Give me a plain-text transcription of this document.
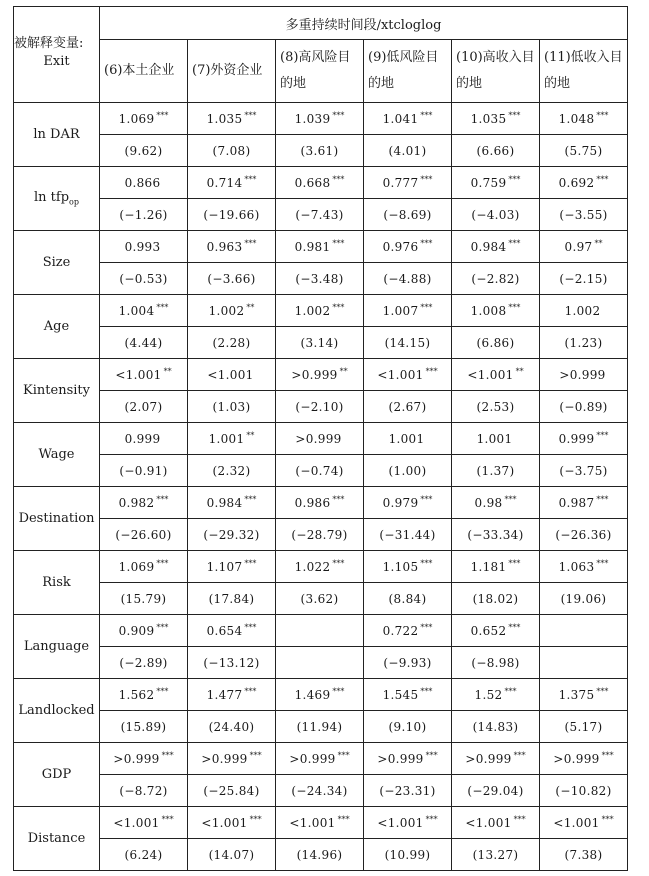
被解释变量:
Exit	多重持续时间段/xtcloglog					
	(6)本土企业	(7)外资企业	(8)高风险目的地	(9)低风险目的地	(10)高收入目的地	(11)低收入目的地
ln DAR	1.069 ***	1.035 ***	1.039 ***	1.041 ***	1.035 ***	1.048 ***
	(9.62)	(7.08)	(3.61)	(4.01)	(6.66)	(5.75)
ln tfp$_{op}$	0.866	0.714 ***	0.668 ***	0.777 ***	0.759 ***	0.692 ***
	(−1.26)	(−19.66)	(−7.43)	(−8.69)	(−4.03)	(−3.55)
Size	0.993	0.963 ***	0.981 ***	0.976 ***	0.984 ***	0.97 **
	(−0.53)	(−3.66)	(−3.48)	(−4.88)	(−2.82)	(−2.15)
Age	1.004 ***	1.002 **	1.002 ***	1.007 ***	1.008 ***	1.002
	(4.44)	(2.28)	(3.14)	(14.15)	(6.86)	(1.23)
Kintensity	<1.001 **	<1.001	>0.999 **	<1.001 ***	<1.001 **	>0.999
	(2.07)	(1.03)	(−2.10)	(2.67)	(2.53)	(−0.89)
Wage	0.999	1.001 **	>0.999	1.001	1.001	0.999 ***
	(−0.91)	(2.32)	(−0.74)	(1.00)	(1.37)	(−3.75)
Destination	0.982 ***	0.984 ***	0.986 ***	0.979 ***	0.98 ***	0.987 ***
	(−26.60)	(−29.32)	(−28.79)	(−31.44)	(−33.34)	(−26.36)
Risk	1.069 ***	1.107 ***	1.022 ***	1.105 ***	1.181 ***	1.063 ***
	(15.79)	(17.84)	(3.62)	(8.84)	(18.02)	(19.06)
Language	0.909 ***	0.654 ***		0.722 ***	0.652 ***	
	(−2.89)	(−13.12)		(−9.93)	(−8.98)	
Landlocked	1.562 ***	1.477 ***	1.469 ***	1.545 ***	1.52 ***	1.375 ***
	(15.89)	(24.40)	(11.94)	(9.10)	(14.83)	(5.17)
GDP	>0.999 ***	>0.999 ***	>0.999 ***	>0.999 ***	>0.999 ***	>0.999 ***
	(−8.72)	(−25.84)	(−24.34)	(−23.31)	(−29.04)	(−10.82)
Distance	<1.001 ***	<1.001 ***	<1.001 ***	<1.001 ***	<1.001 ***	<1.001 ***
	(6.24)	(14.07)	(14.96)	(10.99)	(13.27)	(7.38)
